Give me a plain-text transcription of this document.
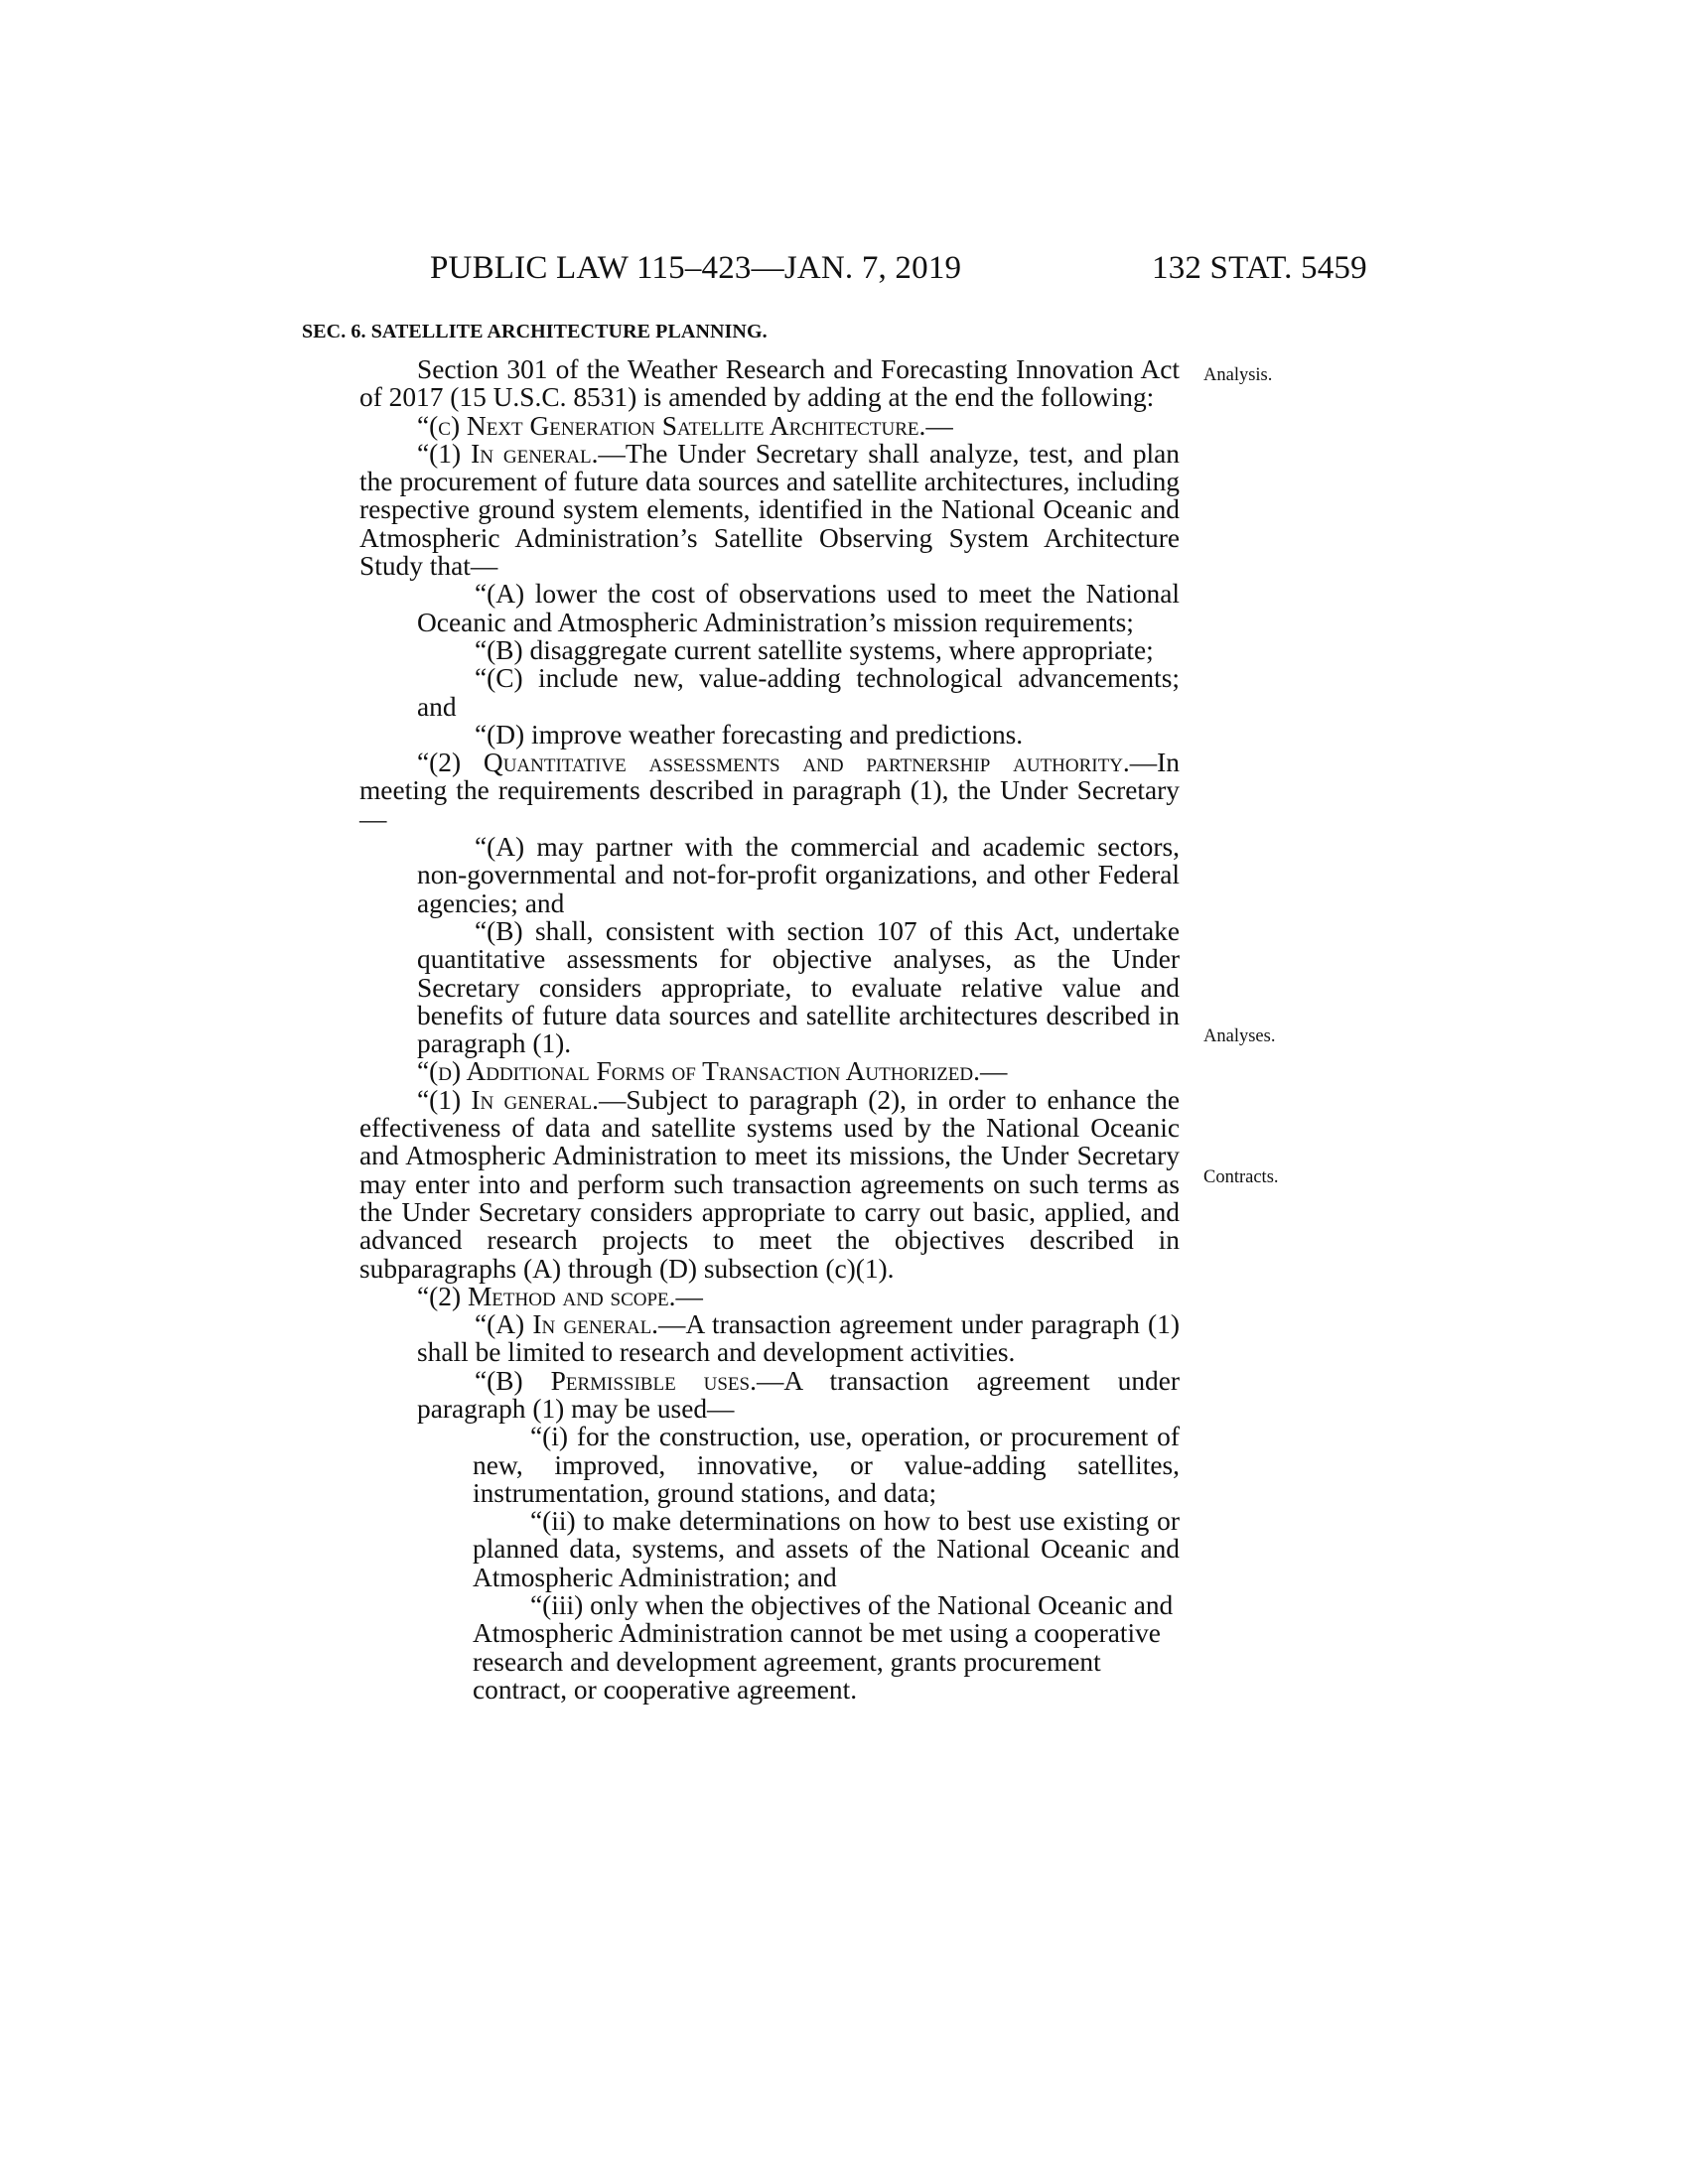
PUBLIC LAW 115–423—JAN. 7, 2019	132 STAT. 5459
SEC. 6. SATELLITE ARCHITECTURE PLANNING.
Analysis.
Analyses.
Contracts.

Section 301 of the Weather Research and Forecasting Innovation Act of 2017 (15 U.S.C. 8531) is amended by adding at the end the following:

“(c) Next Generation Satellite Architecture.—

“(1) In general.—The Under Secretary shall analyze, test, and plan the procurement of future data sources and satellite architectures, including respective ground system elements, identified in the National Oceanic and Atmospheric Administration’s Satellite Observing System Architecture Study that—

“(A) lower the cost of observations used to meet the National Oceanic and Atmospheric Administration’s mission requirements;

“(B) disaggregate current satellite systems, where appropriate;

“(C) include new, value-adding technological advancements; and

“(D) improve weather forecasting and predictions.

“(2) Quantitative assessments and partnership authority.—In meeting the requirements described in paragraph (1), the Under Secretary—

“(A) may partner with the commercial and academic sectors, non-governmental and not-for-profit organizations, and other Federal agencies; and

“(B) shall, consistent with section 107 of this Act, undertake quantitative assessments for objective analyses, as the Under Secretary considers appropriate, to evaluate relative value and benefits of future data sources and satellite architectures described in paragraph (1).

“(d) Additional Forms of Transaction Authorized.—

“(1) In general.—Subject to paragraph (2), in order to enhance the effectiveness of data and satellite systems used by the National Oceanic and Atmospheric Administration to meet its missions, the Under Secretary may enter into and perform such transaction agreements on such terms as the Under Secretary considers appropriate to carry out basic, applied, and advanced research projects to meet the objectives described in subparagraphs (A) through (D) subsection (c)(1).

“(2) Method and scope.—

“(A) In general.—A transaction agreement under paragraph (1) shall be limited to research and development activities.

“(B) Permissible uses.—A transaction agreement under paragraph (1) may be used—

“(i) for the construction, use, operation, or procurement of new, improved, innovative, or value-adding satellites, instrumentation, ground stations, and data;

“(ii) to make determinations on how to best use existing or planned data, systems, and assets of the National Oceanic and Atmospheric Administration; and

“(iii) only when the objectives of the National Oceanic and Atmospheric Administration cannot be met using a cooperative research and development agreement, grants procurement contract, or cooperative agreement.
